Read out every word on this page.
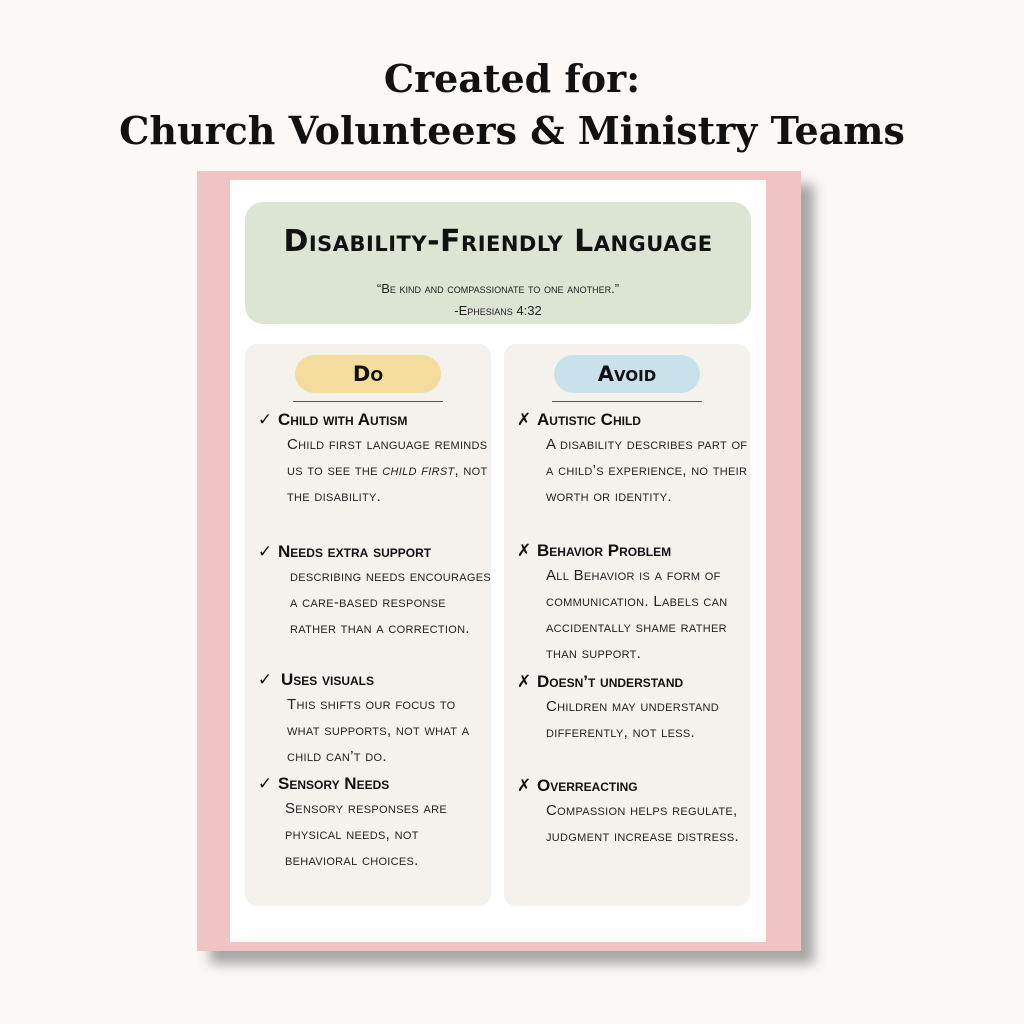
Created for:
Church Volunteers & Ministry Teams
Disability-Friendly Language
“Be kind and compassionate to one another.”
-Ephesians 4:32
Do
✓ Child with Autism
Child first language reminds us to see the child first, not the disability.
✓ Needs extra support
describing needs encourages a care-based response rather than a correction.
✓ Uses visuals
This shifts our focus to what supports, not what a child can’t do.
✓ Sensory Needs
Sensory responses are physical needs, not behavioral choices.
Avoid
✗ Autistic Child
A disability describes part of a child’s experience, no their worth or identity.
✗ Behavior Problem
All Behavior is a form of communication. Labels can accidentally shame rather than support.
✗ Doesn’t understand
Children may understand differently, not less.
✗ Overreacting
Compassion helps regulate, judgment increase distress.
